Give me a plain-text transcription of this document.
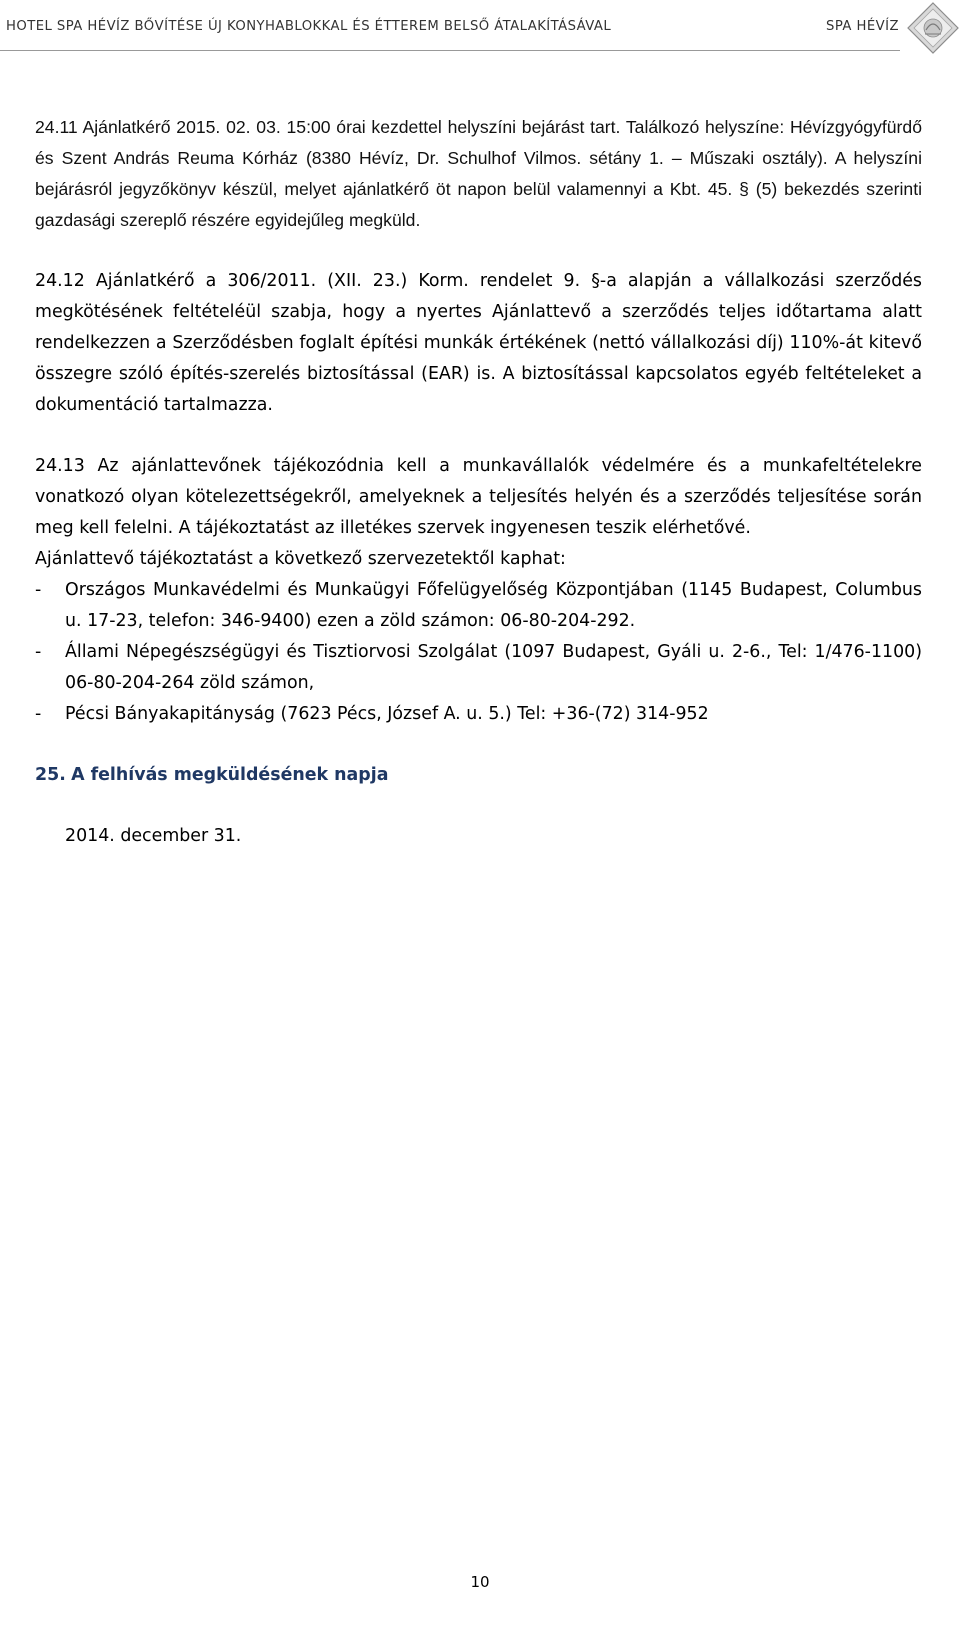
HOTEL SPA HÉVÍZ BŐVÍTÉSE ÚJ KONYHABLOKKAL ÉS ÉTTEREM BELSŐ ÁTALAKÍTÁSÁVAL	SPA HÉVÍZ

24.11 Ajánlatkérő 2015. 02. 03. 15:00 órai kezdettel helyszíni bejárást tart. Találkozó helyszíne: Hévízgyógyfürdő és Szent András Reuma Kórház (8380 Hévíz, Dr. Schulhof Vilmos. sétány 1. – Műszaki osztály). A helyszíni bejárásról jegyzőkönyv készül, melyet ajánlatkérő öt napon belül valamennyi a Kbt. 45. § (5) bekezdés szerinti gazdasági szereplő részére egyidejűleg megküld.

24.12 Ajánlatkérő a 306/2011. (XII. 23.) Korm. rendelet 9. §-a alapján a vállalkozási szerződés megkötésének feltételéül szabja, hogy a nyertes Ajánlattevő a szerződés teljes időtartama alatt rendelkezzen a Szerződésben foglalt építési munkák értékének (nettó vállalkozási díj) 110%-át kitevő összegre szóló építés-szerelés biztosítással (EAR) is. A biztosítással kapcsolatos egyéb feltételeket a dokumentáció tartalmazza.

24.13 Az ajánlattevőnek tájékozódnia kell a munkavállalók védelmére és a munkafeltételekre vonatkozó olyan kötelezettségekről, amelyeknek a teljesítés helyén és a szerződés teljesítése során meg kell felelni. A tájékoztatást az illetékes szervek ingyenesen teszik elérhetővé.

Ajánlattevő tájékoztatást a következő szervezetektől kaphat:

- Országos Munkavédelmi és Munkaügyi Főfelügyelőség Központjában (1145 Budapest, Columbus u. 17-23, telefon: 346-9400) ezen a zöld számon: 06-80-204-292.
- Állami Népegészségügyi és Tisztiorvosi Szolgálat (1097 Budapest, Gyáli u. 2-6., Tel: 1/476-1100) 06-80-204-264 zöld számon,
- Pécsi Bányakapitányság (7623 Pécs, József A. u. 5.) Tel: +36-(72) 314-952
25. A felhívás megküldésének napja
2014. december 31.
10
